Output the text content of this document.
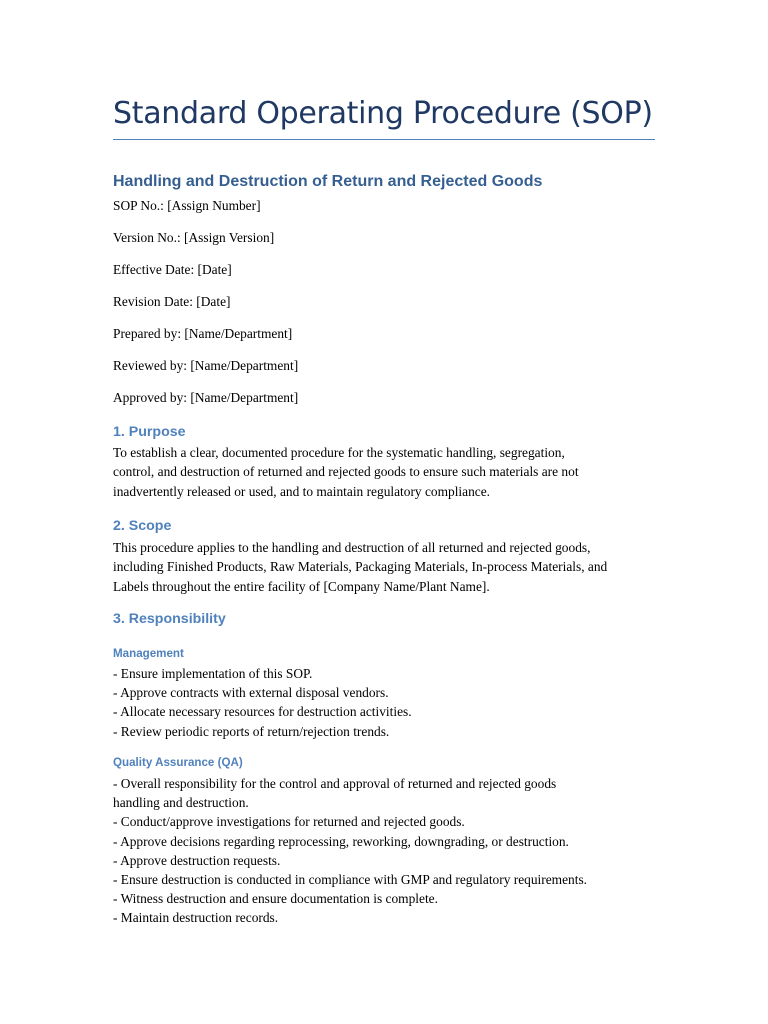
Standard Operating Procedure (SOP)
Handling and Destruction of Return and Rejected Goods
SOP No.: [Assign Number]
Version No.: [Assign Version]
Effective Date: [Date]
Revision Date: [Date]
Prepared by: [Name/Department]
Reviewed by: [Name/Department]
Approved by: [Name/Department]
1. Purpose
To establish a clear, documented procedure for the systematic handling, segregation,
control, and destruction of returned and rejected goods to ensure such materials are not
inadvertently released or used, and to maintain regulatory compliance.
2. Scope
This procedure applies to the handling and destruction of all returned and rejected goods,
including Finished Products, Raw Materials, Packaging Materials, In-process Materials, and
Labels throughout the entire facility of [Company Name/Plant Name].
3. Responsibility
Management
- Ensure implementation of this SOP.
- Approve contracts with external disposal vendors.
- Allocate necessary resources for destruction activities.
- Review periodic reports of return/rejection trends.
Quality Assurance (QA)
- Overall responsibility for the control and approval of returned and rejected goods
handling and destruction.
- Conduct/approve investigations for returned and rejected goods.
- Approve decisions regarding reprocessing, reworking, downgrading, or destruction.
- Approve destruction requests.
- Ensure destruction is conducted in compliance with GMP and regulatory requirements.
- Witness destruction and ensure documentation is complete.
- Maintain destruction records.
